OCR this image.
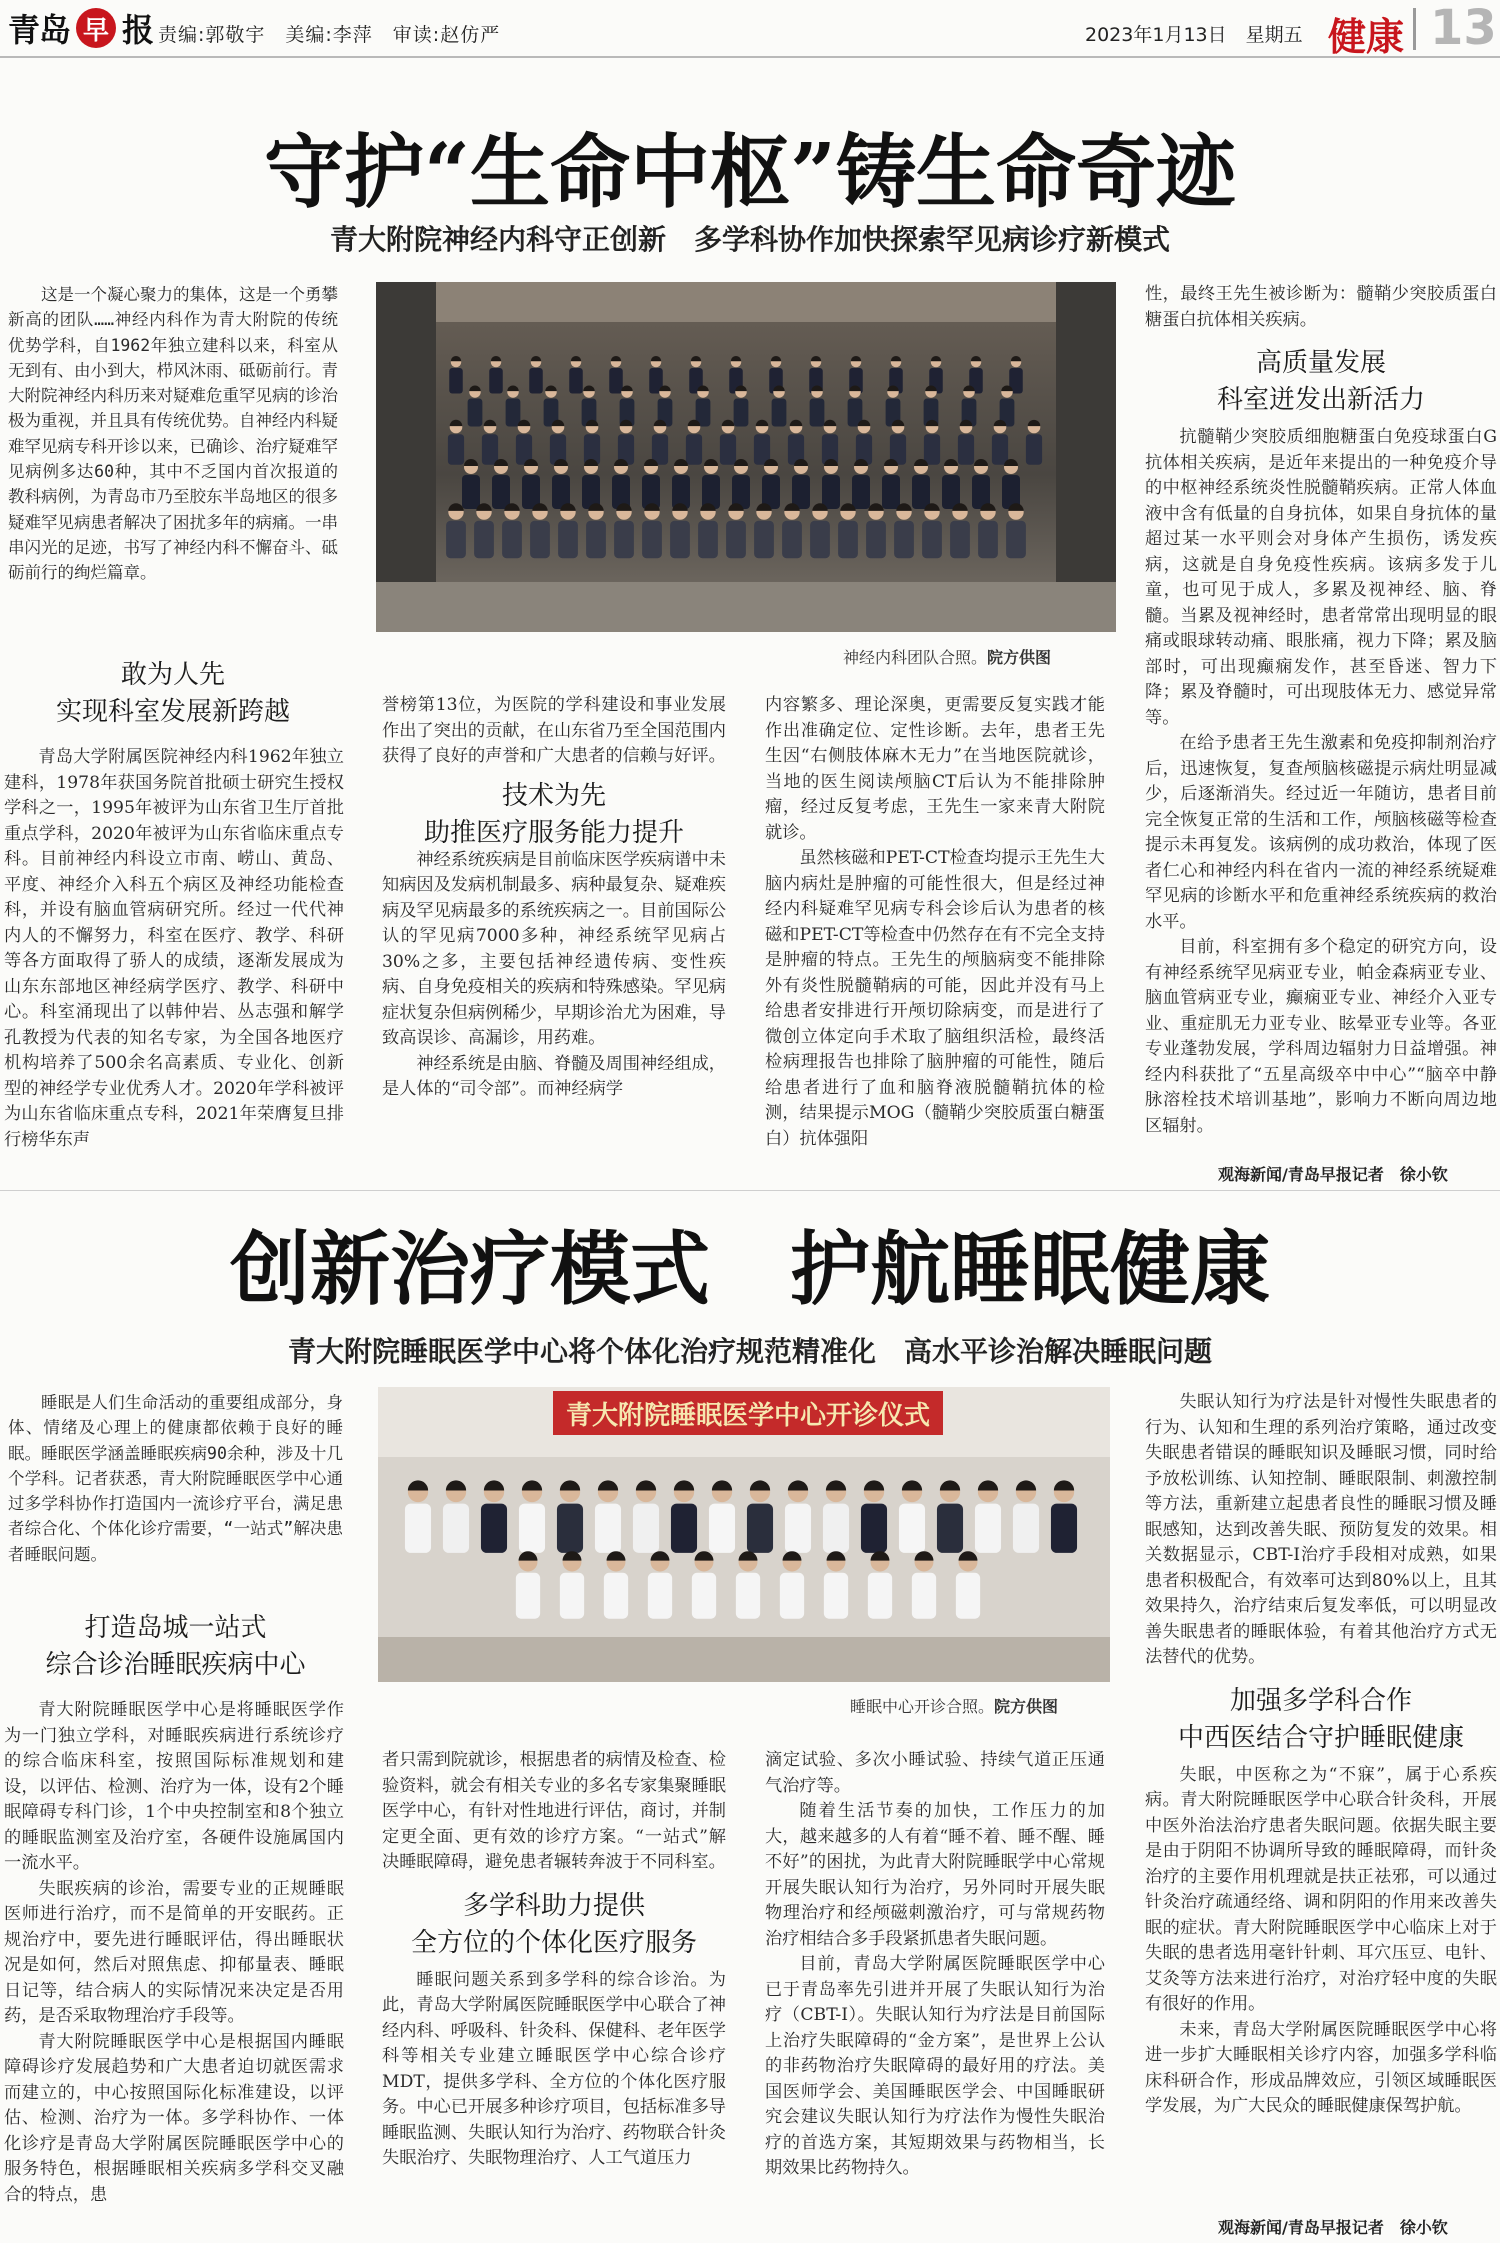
青岛 早 报 责编:郭敬宇　美编:李萍　审读:赵仿严	2023年1月13日　星期五 健康 13
守护“生命中枢”铸生命奇迹
青大附院神经内科守正创新　多学科协作加快探索罕见病诊疗新模式

这是一个凝心聚力的集体，这是一个勇攀新高的团队……神经内科作为青大附院的传统优势学科，自1962年独立建科以来，科室从无到有、由小到大，栉风沐雨、砥砺前行。青大附院神经内科历来对疑难危重罕见病的诊治极为重视，并且具有传统优势。自神经内科疑难罕见病专科开诊以来，已确诊、治疗疑难罕见病例多达60种，其中不乏国内首次报道的教科病例，为青岛市乃至胶东半岛地区的很多疑难罕见病患者解决了困扰多年的病痛。一串串闪光的足迹，书写了神经内科不懈奋斗、砥砺前行的绚烂篇章。

神经内科团队合照。院方供图
敢为人先
实现科室发展新跨越

青岛大学附属医院神经内科1962年独立建科，1978年获国务院首批硕士研究生授权学科之一，1995年被评为山东省卫生厅首批重点学科，2020年被评为山东省临床重点专科。目前神经内科设立市南、崂山、黄岛、平度、神经介入科五个病区及神经功能检查科，并设有脑血管病研究所。经过一代代神内人的不懈努力，科室在医疗、教学、科研等各方面取得了骄人的成绩，逐渐发展成为山东东部地区神经病学医疗、教学、科研中心。科室涌现出了以韩仲岩、丛志强和解学孔教授为代表的知名专家，为全国各地医疗机构培养了500余名高素质、专业化、创新型的神经学专业优秀人才。2020年学科被评为山东省临床重点专科，2021年荣膺复旦排行榜华东声

誉榜第13位，为医院的学科建设和事业发展作出了突出的贡献，在山东省乃至全国范围内获得了良好的声誉和广大患者的信赖与好评。

技术为先
助推医疗服务能力提升

神经系统疾病是目前临床医学疾病谱中未知病因及发病机制最多、病种最复杂、疑难疾病及罕见病最多的系统疾病之一。目前国际公认的罕见病7000多种，神经系统罕见病占30%之多，主要包括神经遗传病、变性疾病、自身免疫相关的疾病和特殊感染。罕见病症状复杂但病例稀少，早期诊治尤为困难，导致高误诊、高漏诊，用药难。

神经系统是由脑、脊髓及周围神经组成，是人体的“司令部”。而神经病学

内容繁多、理论深奥，更需要反复实践才能作出准确定位、定性诊断。去年，患者王先生因“右侧肢体麻木无力”在当地医院就诊，当地的医生阅读颅脑CT后认为不能排除肿瘤，经过反复考虑，王先生一家来青大附院就诊。

虽然核磁和PET-CT检查均提示王先生大脑内病灶是肿瘤的可能性很大，但是经过神经内科疑难罕见病专科会诊后认为患者的核磁和PET-CT等检查中仍然存在有不完全支持是肿瘤的特点。王先生的颅脑病变不能排除外有炎性脱髓鞘病的可能，因此并没有马上给患者安排进行开颅切除病变，而是进行了微创立体定向手术取了脑组织活检，最终活检病理报告也排除了脑肿瘤的可能性，随后给患者进行了血和脑脊液脱髓鞘抗体的检测，结果提示MOG（髓鞘少突胶质蛋白糖蛋白）抗体强阳

性，最终王先生被诊断为：髓鞘少突胶质蛋白糖蛋白抗体相关疾病。

高质量发展
科室迸发出新活力

抗髓鞘少突胶质细胞糖蛋白免疫球蛋白G抗体相关疾病，是近年来提出的一种免疫介导的中枢神经系统炎性脱髓鞘疾病。正常人体血液中含有低量的自身抗体，如果自身抗体的量超过某一水平则会对身体产生损伤，诱发疾病，这就是自身免疫性疾病。该病多发于儿童，也可见于成人，多累及视神经、脑、脊髓。当累及视神经时，患者常常出现明显的眼痛或眼球转动痛、眼胀痛，视力下降；累及脑部时，可出现癫痫发作，甚至昏迷、智力下降；累及脊髓时，可出现肢体无力、感觉异常等。

在给予患者王先生激素和免疫抑制剂治疗后，迅速恢复，复查颅脑核磁提示病灶明显减少，后逐渐消失。经过近一年随访，患者目前完全恢复正常的生活和工作，颅脑核磁等检查提示未再复发。该病例的成功救治，体现了医者仁心和神经内科在省内一流的神经系统疑难罕见病的诊断水平和危重神经系统疾病的救治水平。

目前，科室拥有多个稳定的研究方向，设有神经系统罕见病亚专业，帕金森病亚专业、脑血管病亚专业，癫痫亚专业、神经介入亚专业、重症肌无力亚专业、眩晕亚专业等。各亚专业蓬勃发展，学科周边辐射力日益增强。神经内科获批了“五星高级卒中中心”“脑卒中静脉溶栓技术培训基地”，影响力不断向周边地区辐射。

观海新闻/青岛早报记者　徐小钦
创新治疗模式　护航睡眠健康
青大附院睡眠医学中心将个体化治疗规范精准化　高水平诊治解决睡眠问题

睡眠是人们生命活动的重要组成部分，身体、情绪及心理上的健康都依赖于良好的睡眠。睡眠医学涵盖睡眠疾病90余种，涉及十几个学科。记者获悉，青大附院睡眠医学中心通过多学科协作打造国内一流诊疗平台，满足患者综合化、个体化诊疗需要，“一站式”解决患者睡眠问题。

青大附院睡眠医学中心开诊仪式
睡眠中心开诊合照。院方供图
打造岛城一站式
综合诊治睡眠疾病中心

青大附院睡眠医学中心是将睡眠医学作为一门独立学科，对睡眠疾病进行系统诊疗的综合临床科室，按照国际标准规划和建设，以评估、检测、治疗为一体，设有2个睡眠障碍专科门诊，1个中央控制室和8个独立的睡眠监测室及治疗室，各硬件设施属国内一流水平。

失眠疾病的诊治，需要专业的正规睡眠医师进行治疗，而不是简单的开安眠药。正规治疗中，要先进行睡眠评估，得出睡眠状况是如何，然后对照焦虑、抑郁量表、睡眠日记等，结合病人的实际情况来决定是否用药，是否采取物理治疗手段等。

青大附院睡眠医学中心是根据国内睡眠障碍诊疗发展趋势和广大患者迫切就医需求而建立的，中心按照国际化标准建设，以评估、检测、治疗为一体。多学科协作、一体化诊疗是青岛大学附属医院睡眠医学中心的服务特色，根据睡眠相关疾病多学科交叉融合的特点，患

者只需到院就诊，根据患者的病情及检查、检验资料，就会有相关专业的多名专家集聚睡眠医学中心，有针对性地进行评估，商讨，并制定更全面、更有效的诊疗方案。“一站式”解决睡眠障碍，避免患者辗转奔波于不同科室。

多学科助力提供
全方位的个体化医疗服务

睡眠问题关系到多学科的综合诊治。为此，青岛大学附属医院睡眠医学中心联合了神经内科、呼吸科、针灸科、保健科、老年医学科等相关专业建立睡眠医学中心综合诊疗MDT，提供多学科、全方位的个体化医疗服务。中心已开展多种诊疗项目，包括标准多导睡眠监测、失眠认知行为治疗、药物联合针灸失眠治疗、失眠物理治疗、人工气道压力

滴定试验、多次小睡试验、持续气道正压通气治疗等。

随着生活节奏的加快，工作压力的加大，越来越多的人有着“睡不着、睡不醒、睡不好”的困扰，为此青大附院睡眠学中心常规开展失眠认知行为治疗，另外同时开展失眠物理治疗和经颅磁刺激治疗，可与常规药物治疗相结合多手段紧抓患者失眠问题。

目前，青岛大学附属医院睡眠医学中心已于青岛率先引进并开展了失眠认知行为治疗（CBT-I）。失眠认知行为疗法是目前国际上治疗失眠障碍的“金方案”，是世界上公认的非药物治疗失眠障碍的最好用的疗法。美国医师学会、美国睡眠医学会、中国睡眠研究会建议失眠认知行为疗法作为慢性失眠治疗的首选方案，其短期效果与药物相当，长期效果比药物持久。

失眠认知行为疗法是针对慢性失眠患者的行为、认知和生理的系列治疗策略，通过改变失眠患者错误的睡眠知识及睡眠习惯，同时给予放松训练、认知控制、睡眠限制、刺激控制等方法，重新建立起患者良性的睡眠习惯及睡眠感知，达到改善失眠、预防复发的效果。相关数据显示，CBT-I治疗手段相对成熟，如果患者积极配合，有效率可达到80%以上，且其效果持久，治疗结束后复发率低，可以明显改善失眠患者的睡眠体验，有着其他治疗方式无法替代的优势。

加强多学科合作
中西医结合守护睡眠健康

失眠，中医称之为“不寐”，属于心系疾病。青大附院睡眠医学中心联合针灸科，开展中医外治法治疗患者失眠问题。依据失眠主要是由于阴阳不协调所导致的睡眠障碍，而针灸治疗的主要作用机理就是扶正祛邪，可以通过针灸治疗疏通经络、调和阴阳的作用来改善失眠的症状。青大附院睡眠医学中心临床上对于失眠的患者选用毫针针刺、耳穴压豆、电针、艾灸等方法来进行治疗，对治疗轻中度的失眠有很好的作用。

未来，青岛大学附属医院睡眠医学中心将进一步扩大睡眠相关诊疗内容，加强多学科临床科研合作，形成品牌效应，引领区域睡眠医学发展，为广大民众的睡眠健康保驾护航。

观海新闻/青岛早报记者　徐小钦
